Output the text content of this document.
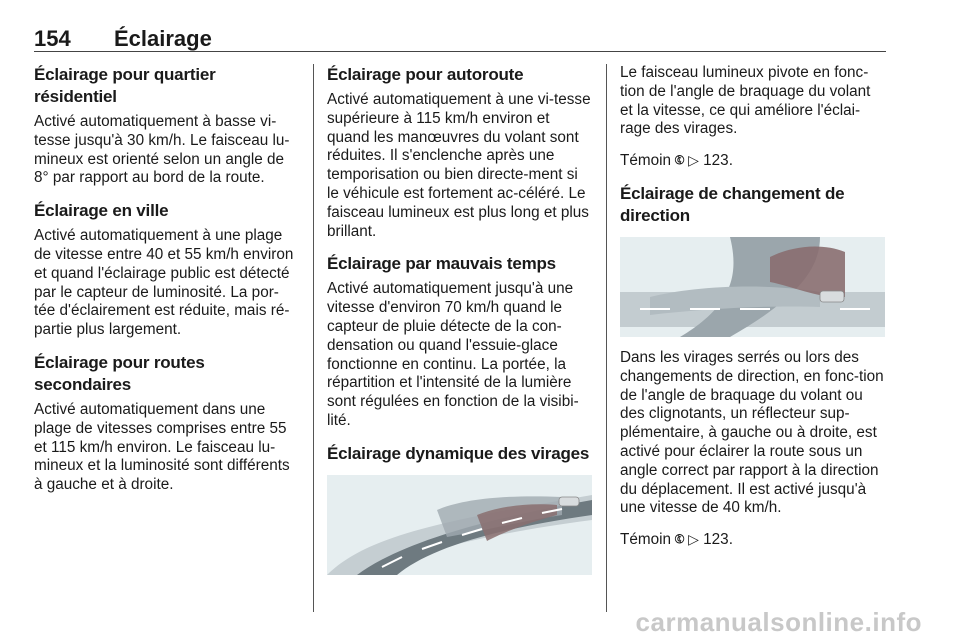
154 Éclairage
Éclairage pour quartier résidentiel

Activé automatiquement à basse vi-tesse jusqu'à 30 km/h. Le faisceau lu-mineux est orienté selon un angle de 8° par rapport au bord de la route.

Éclairage en ville

Activé automatiquement à une plage de vitesse entre 40 et 55 km/h environ et quand l'éclairage public est détecté par le capteur de luminosité. La por-tée d'éclairement est réduite, mais ré-partie plus largement.

Éclairage pour routes secondaires

Activé automatiquement dans une plage de vitesses comprises entre 55 et 115 km/h environ. Le faisceau lu-mineux et la luminosité sont différents à gauche et à droite.

Éclairage pour autoroute

Activé automatiquement à une vi-tesse supérieure à 115 km/h environ et quand les manœuvres du volant sont réduites. Il s'enclenche après une temporisation ou bien directe-ment si le véhicule est fortement ac-céléré. Le faisceau lumineux est plus long et plus brillant.

Éclairage par mauvais temps

Activé automatiquement jusqu'à une vitesse d'environ 70 km/h quand le capteur de pluie détecte de la con-densation ou quand l'essuie-glace fonctionne en continu. La portée, la répartition et l'intensité de la lumière sont régulées en fonction de la visibi-lité.

Éclairage dynamique des virages

Le faisceau lumineux pivote en fonc-tion de l'angle de braquage du volant et la vitesse, ce qui améliore l'éclai-rage des virages.

Témoin 🅮 ▷ 123.

Éclairage de changement de direction

Dans les virages serrés ou lors des changements de direction, en fonc-tion de l'angle de braquage du volant ou des clignotants, un réflecteur sup-plémentaire, à gauche ou à droite, est activé pour éclairer la route sous un angle correct par rapport à la direction du déplacement. Il est activé jusqu'à une vitesse de 40 km/h.

Témoin 🅮 ▷ 123.

carmanualsonline.info
